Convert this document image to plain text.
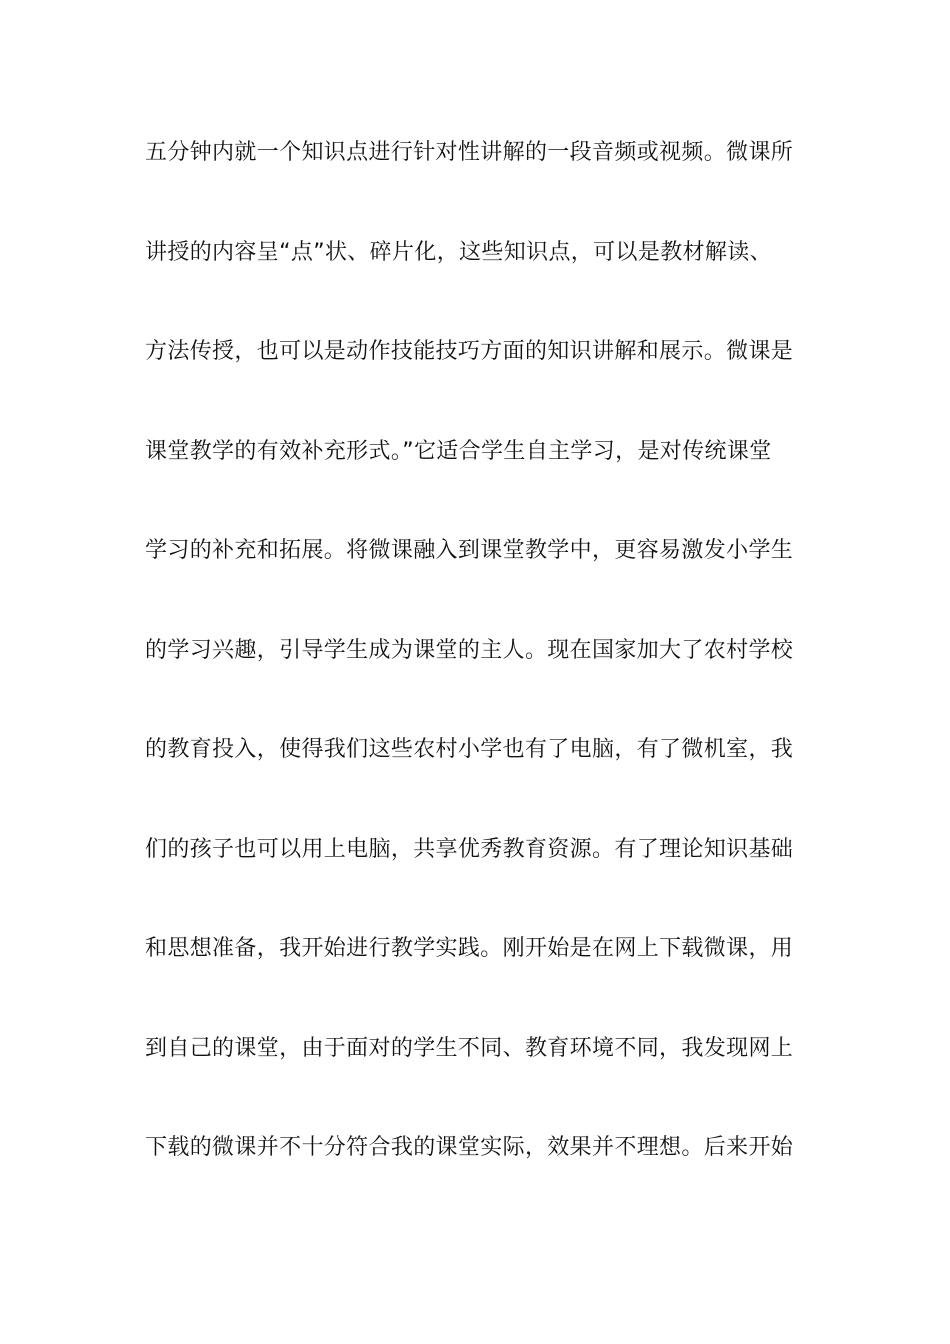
五分钟内就一个知识点进行针对性讲解的一段音频或视频。微课所
讲授的内容呈“点”状、碎片化，这些知识点，可以是教材解读、
方法传授，也可以是动作技能技巧方面的知识讲解和展示。微课是
课堂教学的有效补充形式。”它适合学生自主学习，是对传统课堂
学习的补充和拓展。将微课融入到课堂教学中，更容易激发小学生
的学习兴趣，引导学生成为课堂的主人。现在国家加大了农村学校
的教育投入，使得我们这些农村小学也有了电脑，有了微机室，我
们的孩子也可以用上电脑，共享优秀教育资源。有了理论知识基础
和思想准备，我开始进行教学实践。刚开始是在网上下载微课，用
到自己的课堂，由于面对的学生不同、教育环境不同，我发现网上
下载的微课并不十分符合我的课堂实际，效果并不理想。后来开始
